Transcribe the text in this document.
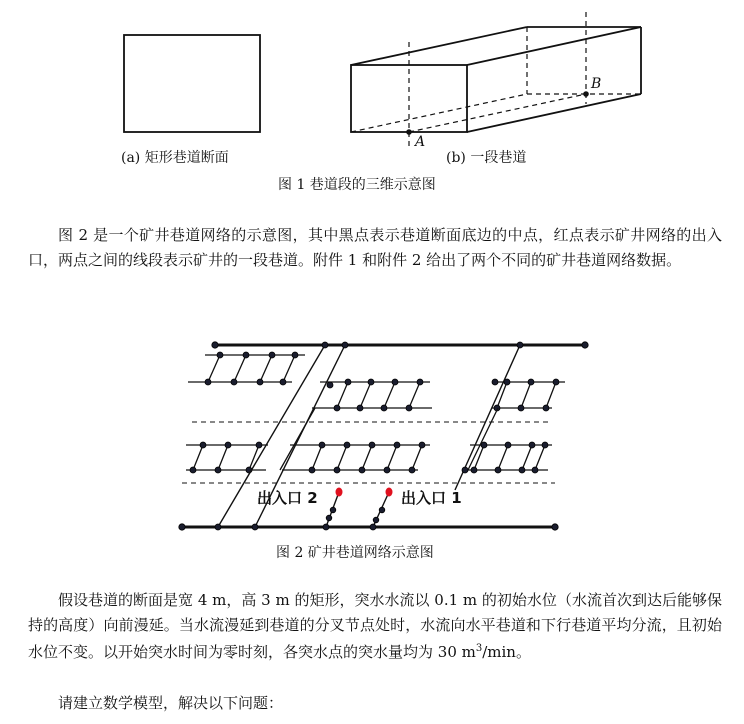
A
B
(a) 矩形巷道断面	(b) 一段巷道
图 1 巷道段的三维示意图

图 2 是一个矿井巷道网络的示意图，其中黑点表示巷道断面底边的中点，红点表示矿井网络的出入口，两点之间的线段表示矿井的一段巷道。附件 1 和附件 2 给出了两个不同的矿井巷道网络数据。

出入口 2	出入口 1
图 2 矿井巷道网络示意图

假设巷道的断面是宽 4 m，高 3 m 的矩形，突水水流以 0.1 m 的初始水位（水流首次到达后能够保持的高度）向前漫延。当水流漫延到巷道的分叉节点处时，水流向水平巷道和下行巷道平均分流，且初始水位不变。以开始突水时间为零时刻，各突水点的突水量均为 30 $m^3/\min$。

请建立数学模型，解决以下问题：
